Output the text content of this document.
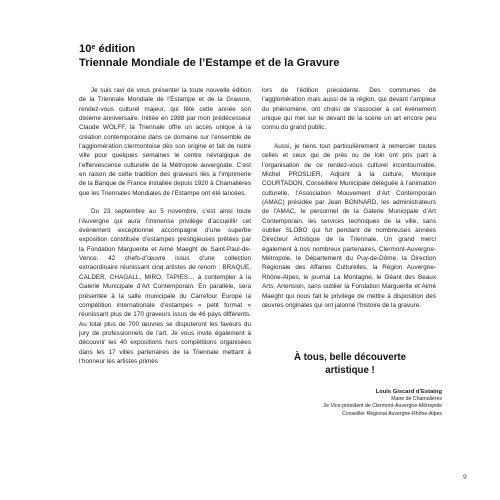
10e édition
Triennale Mondiale de l’Estampe et de la Gravure

Je suis ravi de vous présenter la toute nouvelle édition de la Triennale Mondiale de l’Estampe et de la Gravure, rendez-vous culturel majeur, qui fête cette année son dixième anniversaire. Initiée en 1988 par mon prédécesseur Claude WOLFF, la Triennale offre un accès unique à la création contemporaine dans ce domaine sur l’ensemble de l’agglomération clermontoise dès son origine et fait de notre ville pour quelques semaines le centre névralgique de l’effervescence culturelle de la Métropole auvergnate. C’est en raison de cette tradition des graveurs liés à l’imprimerie de la Banque de France installée depuis 1920 à Chamalières que les Triennales Mondiales de l’Estampe ont été lancées.

Du 23 septembre au 5 novembre, c’est ainsi toute l’Auvergne qui aura l’immense privilège d’accueillir cet événement exceptionnel accompagné d’une superbe exposition constituée d’estampes prestigieuses prêtées par la Fondation Marguerite et Aimé Maeght de Saint-Paul-de-Vence. 42 chefs-d’œuvre issus d’une collection extraordinaire réunissant cinq artistes de renom : BRAQUE, CALDER, CHAGALL, MIRO, TAPIES… à contempler à la Galerie Municipale d’Art Contemporain. En parallèle, sera présentée à la salle municipale du Carrefour Europe la compétition internationale d’estampes « petit format » réunissant plus de 170 graveurs issus de 46 pays différents. Au total plus de 700 œuvres se disputeront les faveurs du jury de professionnels de l’art. Je vous invite également à découvrir les 40 expositions hors compétitions organisées dans les 17 villes partenaires de la Triennale mettant à l’honneur les artistes primés

lors de l’édition précédente. Des communes de l’agglomération mais aussi de la région, qui devant l’ampleur du phénomène, ont choisi de s’associer à cet événement unique qui met sur le devant de la scène un art encore peu connu du grand public.

Aussi, je tiens tout particulièrement à remercier toutes celles et ceux qui de près ou de loin ont pris part à l’organisation de ce rendez-vous culturel incontournable, Michel PROSLIER, Adjoint à la culture, Monique COURTADON, Conseillère Municipale déléguée à l’animation culturelle, l’Association Mouvement d’Art Contemporain (AMAC) présidée par Jean BONNARD, les administrateurs de l’AMAC, le personnel de la Galerie Municipale d’Art Contemporain, les services techniques de la ville, sans oublier SLOBO qui fut pendant de nombreuses années Directeur Artistique de la Triennale. Un grand merci également à nos nombreux partenaires, Clermont-Auvergne-Métropole, le Département du Puy-de-Dôme, la Direction Régionale des Affaires Culturelles, la Région Auvergne-Rhône-Alpes, le journal La Montagne, le Géant des Beaux Arts, Artension, sans oublier la Fondation Marguerite et Aimé Maeght qui nous fait le privilège de mettre à disposition des œuvres originales qui ont jalonné l’histoire de la gravure.

À tous, belle découverte
artistique !
Louis Giscard d’Estaing
Maire de Chamalières
2e Vice-président de Clermont-Auvergne-Métropole
Conseiller Régional Auvergne-Rhône-Alpes
9
